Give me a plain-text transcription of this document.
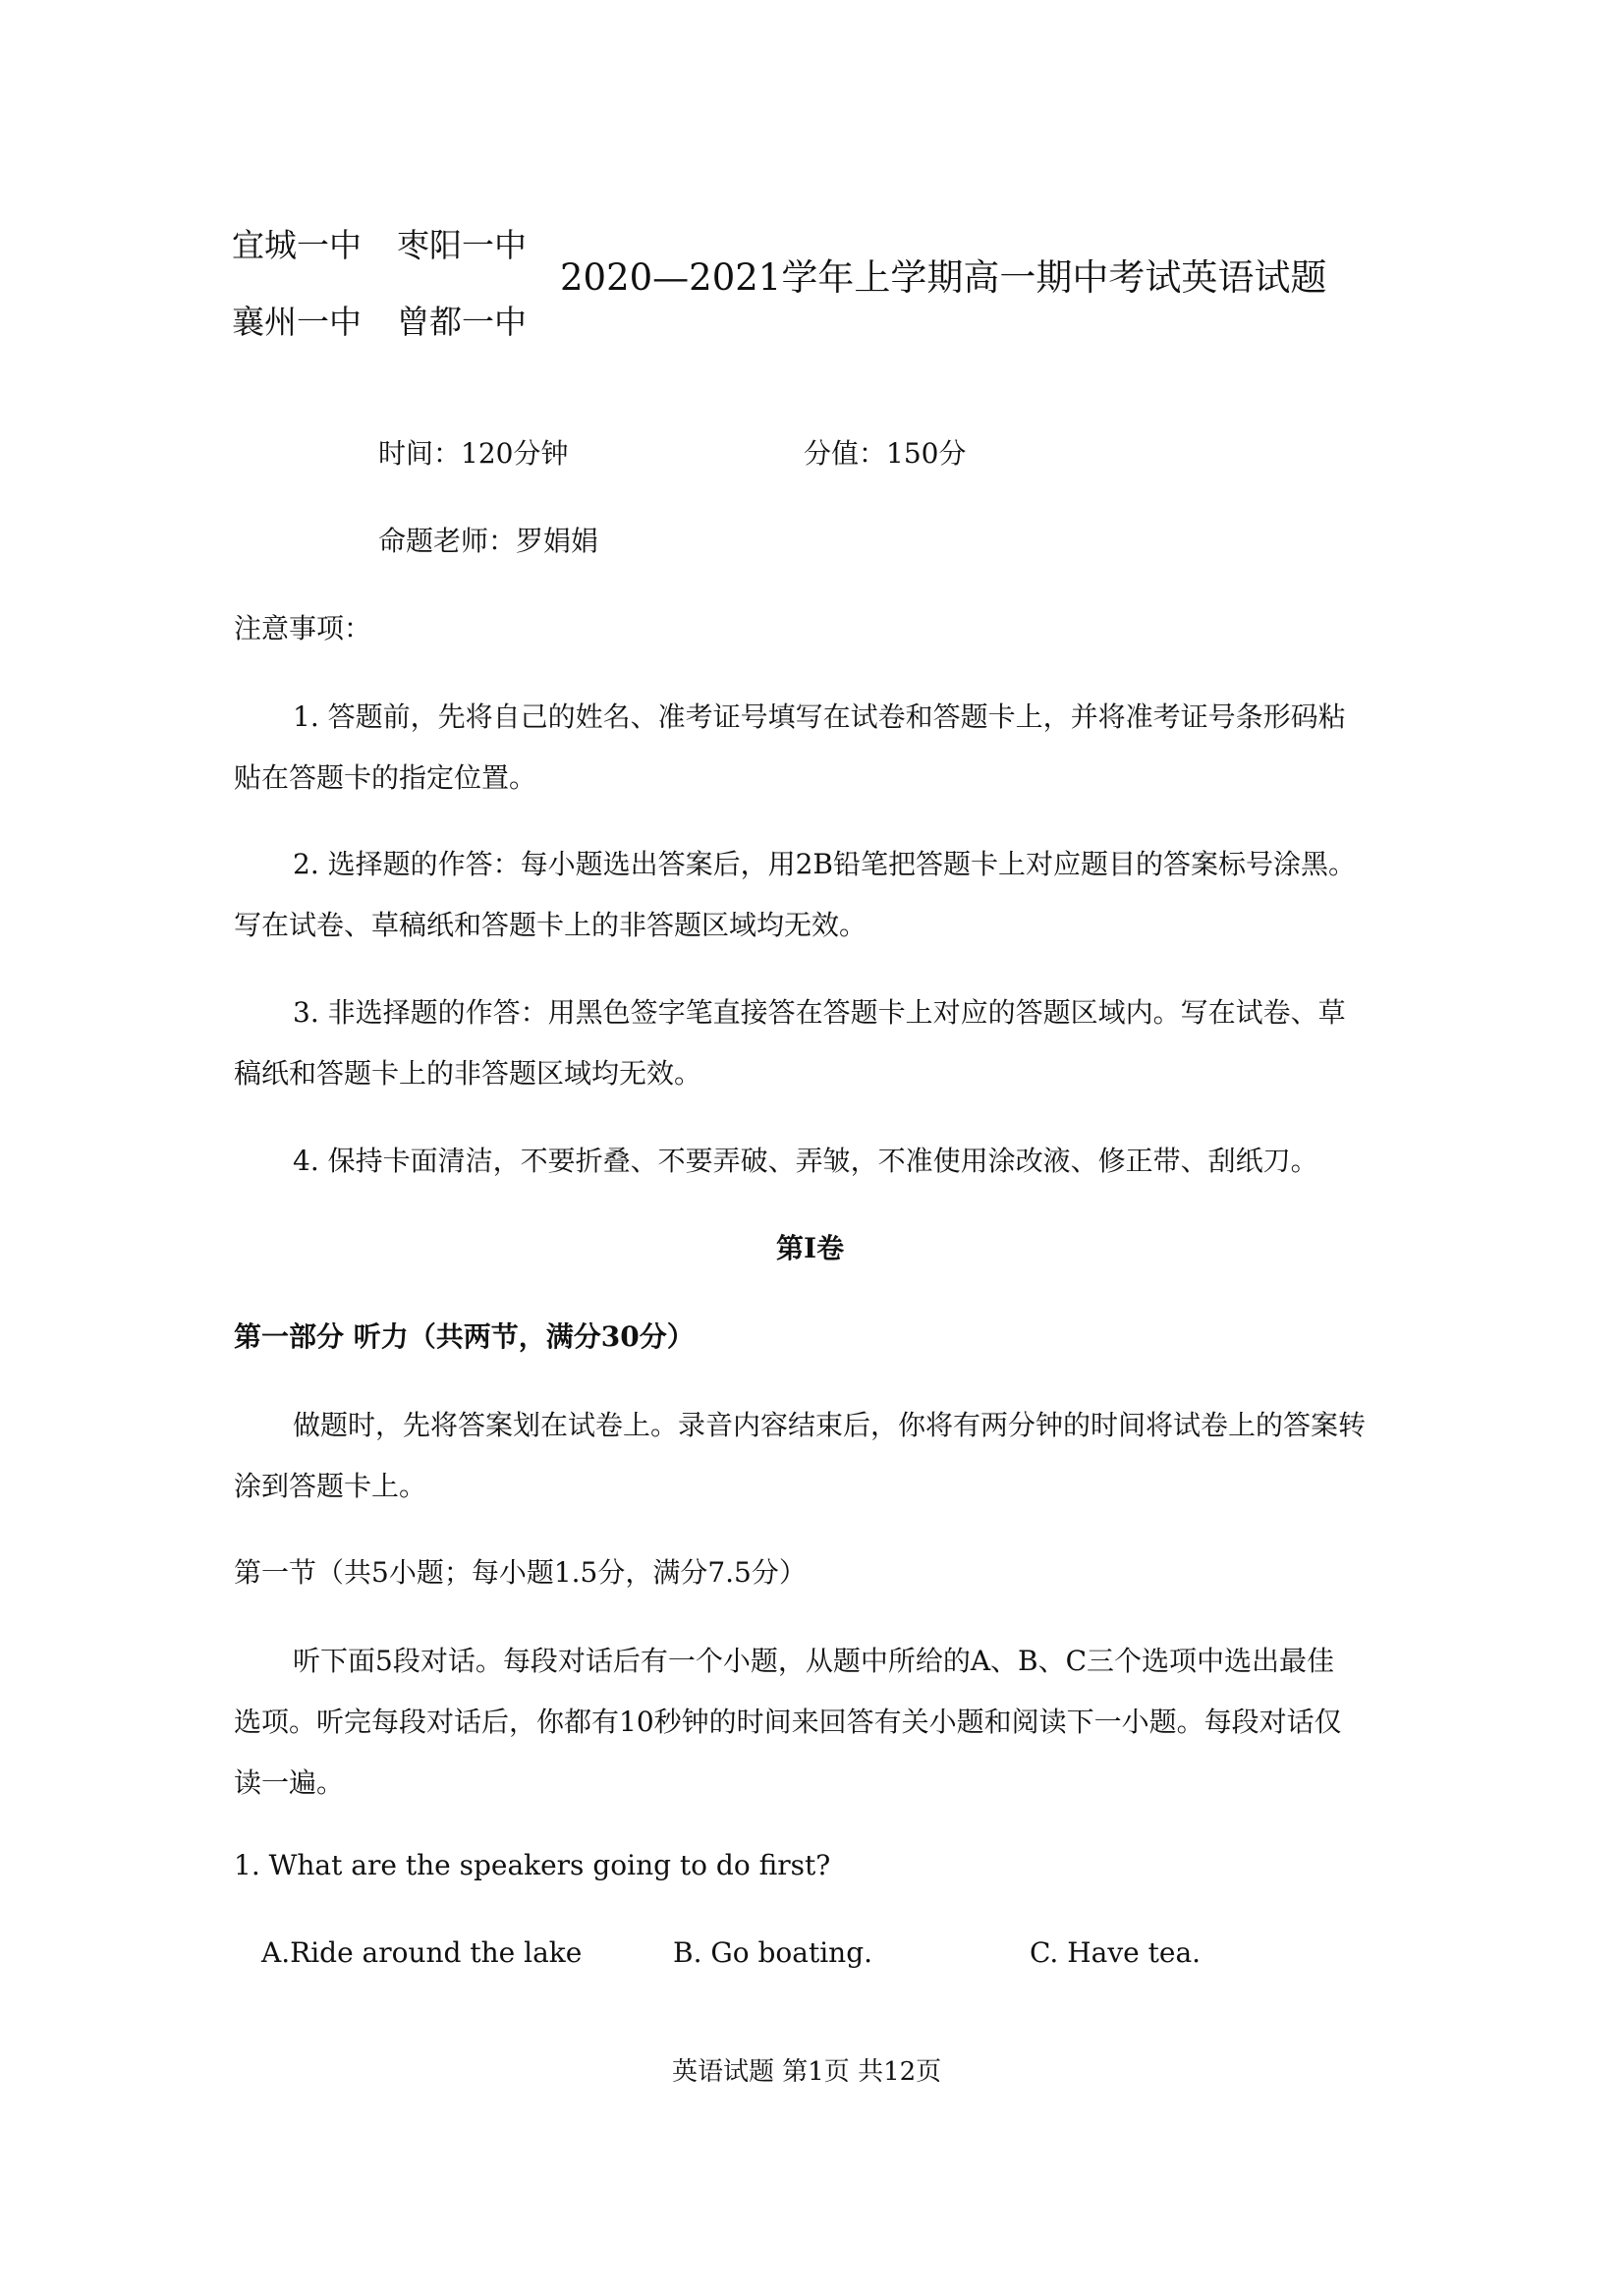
宜城一中 枣阳一中
襄州一中 曾都一中
2020—2021学年上学期高一期中考试英语试题
时间：120分钟	分值：150分
命题老师：罗娟娟
注意事项：
1. 答题前，先将自己的姓名、准考证号填写在试卷和答题卡上，并将准考证号条形码粘
贴在答题卡的指定位置。
2. 选择题的作答：每小题选出答案后，用2B铅笔把答题卡上对应题目的答案标号涂黑。
写在试卷、草稿纸和答题卡上的非答题区域均无效。
3. 非选择题的作答：用黑色签字笔直接答在答题卡上对应的答题区域内。写在试卷、草
稿纸和答题卡上的非答题区域均无效。
4. 保持卡面清洁，不要折叠、不要弄破、弄皱，不准使用涂改液、修正带、刮纸刀。
第I卷
第一部分 听力（共两节，满分30分）
做题时，先将答案划在试卷上。录音内容结束后，你将有两分钟的时间将试卷上的答案转
涂到答题卡上。
第一节（共5小题；每小题1.5分，满分7.5分）
听下面5段对话。每段对话后有一个小题，从题中所给的A、B、C三个选项中选出最佳
选项。听完每段对话后，你都有10秒钟的时间来回答有关小题和阅读下一小题。每段对话仅
读一遍。
1. What are the speakers going to do first?
A.Ride around the lake	B. Go boating.	C. Have tea.
英语试题 第1页 共12页
